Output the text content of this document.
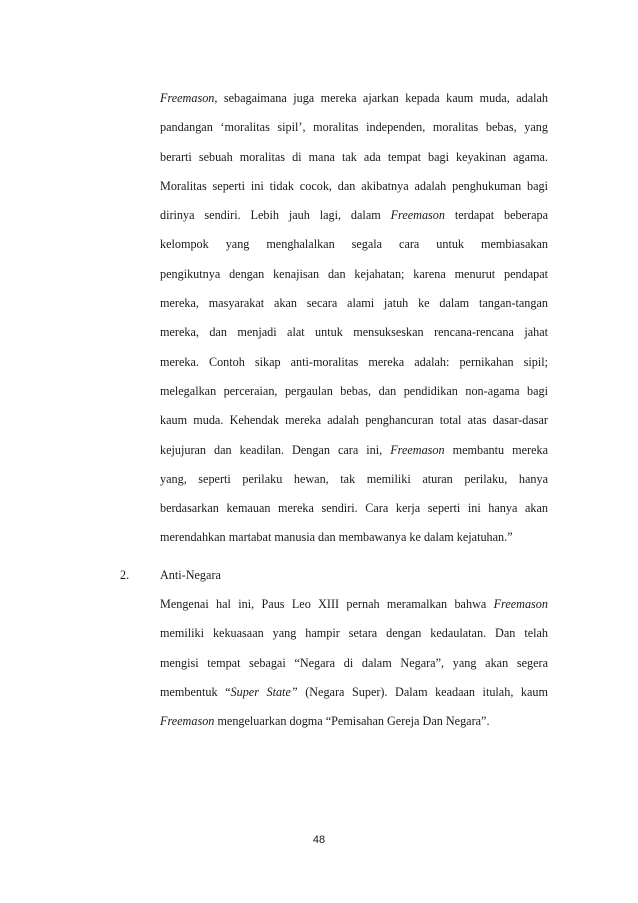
Freemason, sebagaimana juga mereka ajarkan kepada kaum muda, adalah
pandangan ‘moralitas sipil’, moralitas independen, moralitas bebas, yang
berarti sebuah moralitas di mana tak ada tempat bagi keyakinan agama.
Moralitas seperti ini tidak cocok, dan akibatnya adalah penghukuman bagi
dirinya sendiri. Lebih jauh lagi, dalam Freemason terdapat beberapa
kelompok yang menghalalkan segala cara untuk membiasakan
pengikutnya dengan kenajisan dan kejahatan; karena menurut pendapat
mereka, masyarakat akan secara alami jatuh ke dalam tangan-tangan
mereka, dan menjadi alat untuk mensukseskan rencana-rencana jahat
mereka. Contoh sikap anti-moralitas mereka adalah: pernikahan sipil;
melegalkan perceraian, pergaulan bebas, dan pendidikan non-agama bagi
kaum muda. Kehendak mereka adalah penghancuran total atas dasar-dasar
kejujuran dan keadilan. Dengan cara ini, Freemason membantu mereka
yang, seperti perilaku hewan, tak memiliki aturan perilaku, hanya
berdasarkan kemauan mereka sendiri. Cara kerja seperti ini hanya akan
merendahkan martabat manusia dan membawanya ke dalam kejatuhan.”
2.	Anti-Negara
Mengenai hal ini, Paus Leo XIII pernah meramalkan bahwa Freemason
memiliki kekuasaan yang hampir setara dengan kedaulatan. Dan telah
mengisi tempat sebagai “Negara di dalam Negara”, yang akan segera
membentuk “Super State” (Negara Super). Dalam keadaan itulah, kaum
Freemason mengeluarkan dogma “Pemisahan Gereja Dan Negara”.
48
